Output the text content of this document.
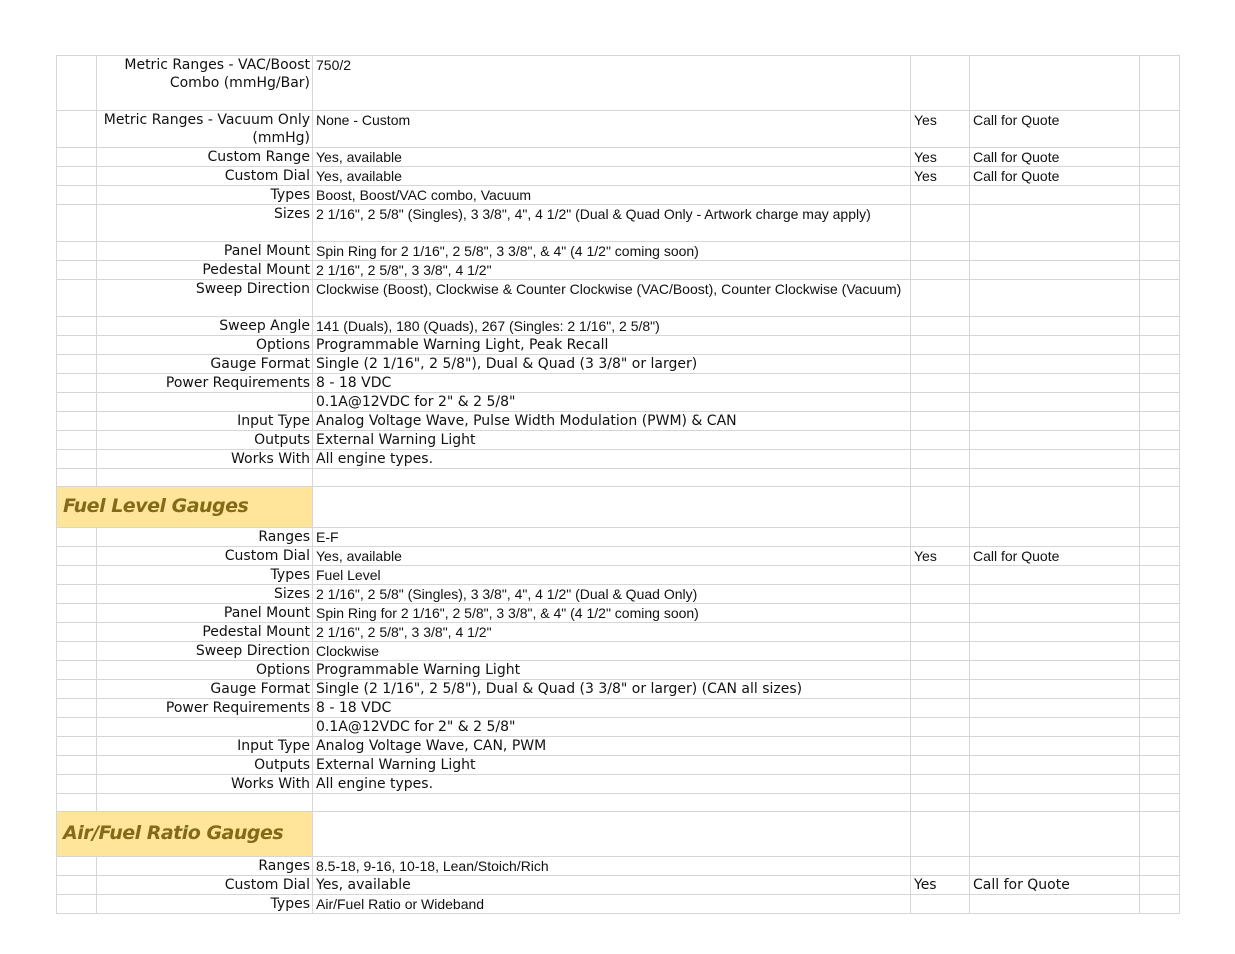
	Metric Ranges - VAC/Boost Combo (mmHg/Bar)	750/2			
	Metric Ranges - Vacuum Only (mmHg)	None - Custom	Yes	Call for Quote	
	Custom Range	Yes, available	Yes	Call for Quote	
	Custom Dial	Yes, available	Yes	Call for Quote	
	Types	Boost, Boost/VAC combo, Vacuum			
	Sizes	2 1/16", 2 5/8" (Singles), 3 3/8", 4", 4 1/2" (Dual & Quad Only - Artwork charge may apply)			
	Panel Mount	Spin Ring for 2 1/16", 2 5/8", 3 3/8", & 4" (4 1/2" coming soon)			
	Pedestal Mount	2 1/16", 2 5/8", 3 3/8", 4 1/2"			
	Sweep Direction	Clockwise (Boost), Clockwise & Counter Clockwise (VAC/Boost), Counter Clockwise (Vacuum)			
	Sweep Angle	141 (Duals), 180 (Quads), 267 (Singles: 2 1/16", 2 5/8")			
	Options	Programmable Warning Light, Peak Recall			
	Gauge Format	Single (2 1/16", 2 5/8"), Dual & Quad (3 3/8" or larger)			
	Power Requirements	8 - 18 VDC			
		0.1A@12VDC for 2" & 2 5/8"			
	Input Type	Analog Voltage Wave, Pulse Width Modulation (PWM) & CAN			
	Outputs	External Warning Light			
	Works With	All engine types.			

Fuel Level Gauges					
	Ranges	E-F			
	Custom Dial	Yes, available	Yes	Call for Quote	
	Types	Fuel Level			
	Sizes	2 1/16", 2 5/8" (Singles), 3 3/8", 4", 4 1/2" (Dual & Quad Only)			
	Panel Mount	Spin Ring for 2 1/16", 2 5/8", 3 3/8", & 4" (4 1/2" coming soon)			
	Pedestal Mount	2 1/16", 2 5/8", 3 3/8", 4 1/2"			
	Sweep Direction	Clockwise			
	Options	Programmable Warning Light			
	Gauge Format	Single (2 1/16", 2 5/8"), Dual & Quad (3 3/8" or larger) (CAN all sizes)			
	Power Requirements	8 - 18 VDC			
		0.1A@12VDC for 2" & 2 5/8"			
	Input Type	Analog Voltage Wave, CAN, PWM			
	Outputs	External Warning Light			
	Works With	All engine types.			

Air/Fuel Ratio Gauges					
	Ranges	8.5-18, 9-16, 10-18, Lean/Stoich/Rich			
	Custom Dial	Yes, available	Yes	Call for Quote	
	Types	Air/Fuel Ratio or Wideband			
